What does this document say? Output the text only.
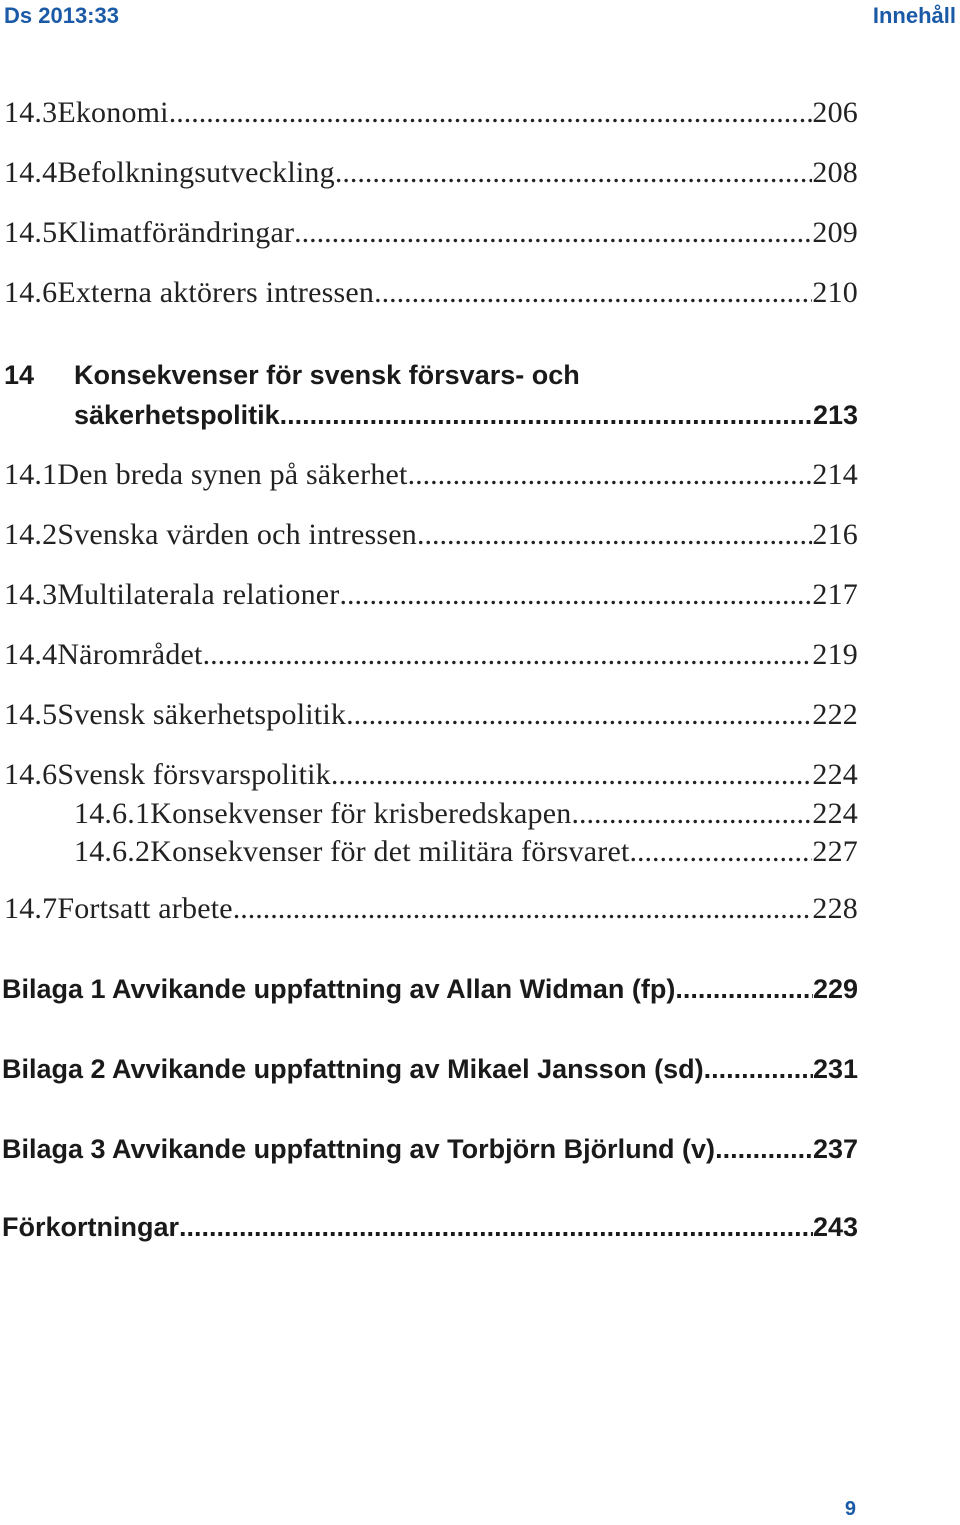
Ds 2013:33	Innehåll
14.3 Ekonomi .....	206
14.4 Befolkningsutveckling .....	208
14.5 Klimatförändringar .....	209
14.6 Externa aktörers intressen .....	210
14 Konsekvenser för svensk försvars- och
säkerhetspolitik .....	213
14.1 Den breda synen på säkerhet .....	214
14.2 Svenska värden och intressen .....	216
14.3 Multilaterala relationer .....	217
14.4 Närområdet .....	219
14.5 Svensk säkerhetspolitik .....	222
14.6 Svensk försvarspolitik .....	224
14.6.1 Konsekvenser för krisberedskapen .....	224
14.6.2 Konsekvenser för det militära försvaret .....	227
14.7 Fortsatt arbete .....	228
Bilaga 1 Avvikande uppfattning av Allan Widman (fp) .....	229
Bilaga 2 Avvikande uppfattning av Mikael Jansson (sd) .....	231
Bilaga 3 Avvikande uppfattning av Torbjörn Björlund (v) .....	237
Förkortningar .....	243
9
